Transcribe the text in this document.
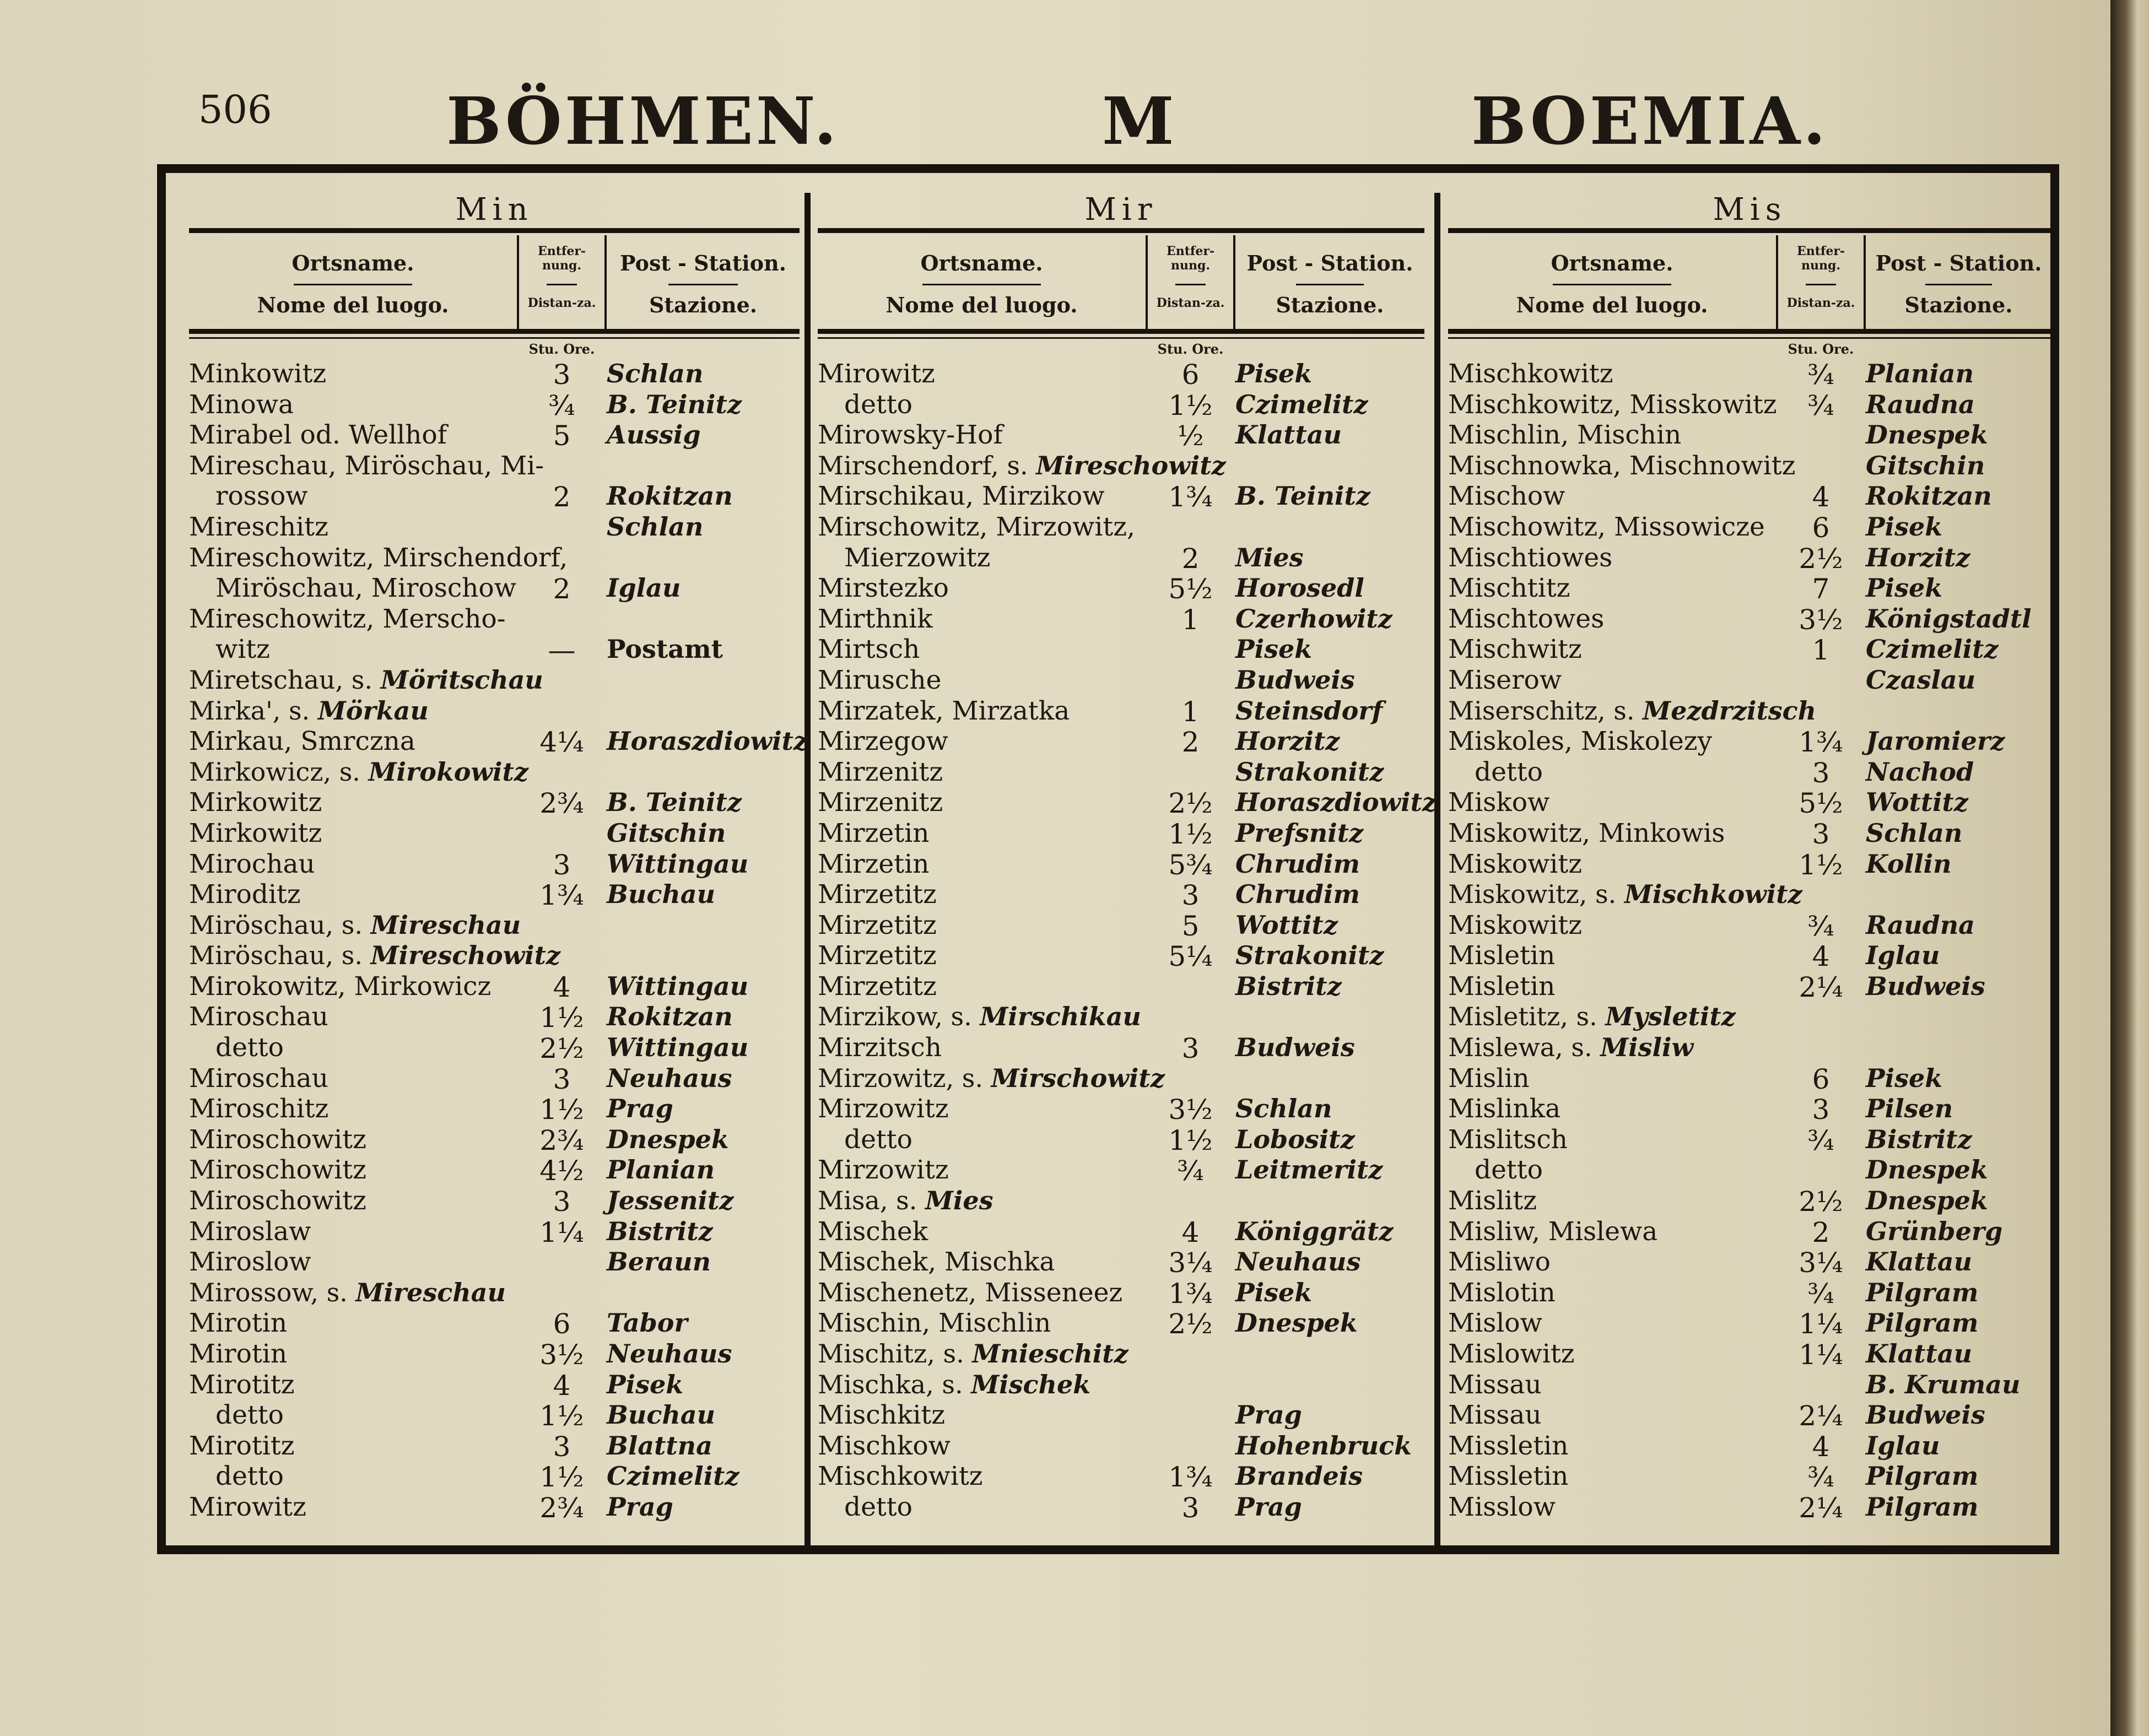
506	BÖHMEN.	M	BOEMIA.
Min
Ortsname.
Nome del luogo.
Entfer-nung.
Distan-za.
Post - Station.
Stazione.
Stu. Ore.
Minkowitz	3	Schlan
Minowa	¾	B. Teinitz
Mirabel od. Wellhof	5	Aussig
Mireschau, Miröschau, Mi-
rossow	2	Rokitzan
Mireschitz	Schlan
Mireschowitz, Mirschendorf,
Miröschau, Miroschow	2	Iglau
Mireschowitz, Merscho-
witz	—	Postamt
Miretschau, s. Möritschau
Mirka', s. Mörkau
Mirkau, Smrczna	4¼ Horaszdiowitz
Mirkowicz, s. Mirokowitz
Mirkowitz	2¾ B. Teinitz
Mirkowitz	Gitschin
Mirochau	3	Wittingau
Miroditz	1¾ Buchau
Miröschau, s. Mireschau
Miröschau, s. Mireschowitz
Mirokowitz, Mirkowicz	4	Wittingau
Miroschau	1½ Rokitzan
detto	2½ Wittingau
Miroschau	3	Neuhaus
Miroschitz	1½ Prag
Miroschowitz	2¾ Dnespek
Miroschowitz	4½ Planian
Miroschowitz	3	Jessenitz
Miroslaw	1¼ Bistritz
Miroslow	Beraun
Mirossow, s. Mireschau
Mirotin	6	Tabor
Mirotin	3½ Neuhaus
Mirotitz	4	Pisek
detto	1½ Buchau
Mirotitz	3	Blattna
detto	1½ Czimelitz
Mirowitz	2¾ Prag
Mir
Ortsname.
Nome del luogo.
Entfer-nung.
Distan-za.
Post - Station.
Stazione.
Stu. Ore.
Mirowitz	6	Pisek
detto	1½ Czimelitz
Mirowsky-Hof	½	Klattau
Mirschendorf, s. Mireschowitz
Mirschikau, Mirzikow	1¾ B. Teinitz
Mirschowitz, Mirzowitz,
Mierzowitz	2	Mies
Mirstezko	5½ Horosedl
Mirthnik	1	Czerhowitz
Mirtsch	Pisek
Mirusche	Budweis
Mirzatek, Mirzatka	1	Steinsdorf
Mirzegow	2	Horzitz
Mirzenitz	Strakonitz
Mirzenitz	2½ Horaszdiowitz
Mirzetin	1½ Prefsnitz
Mirzetin	5¾ Chrudim
Mirzetitz	3	Chrudim
Mirzetitz	5	Wottitz
Mirzetitz	5¼ Strakonitz
Mirzetitz	Bistritz
Mirzikow, s. Mirschikau
Mirzitsch	3	Budweis
Mirzowitz, s. Mirschowitz
Mirzowitz	3½ Schlan
detto	1½ Lobositz
Mirzowitz	¾	Leitmeritz
Misa, s. Mies
Mischek	4	Königgrätz
Mischek, Mischka	3¼ Neuhaus
Mischenetz, Misseneez	1¾ Pisek
Mischin, Mischlin	2½ Dnespek
Mischitz, s. Mnieschitz
Mischka, s. Mischek
Mischkitz	Prag
Mischkow	Hohenbruck
Mischkowitz	1¾ Brandeis
detto	3	Prag
Mis
Ortsname.
Nome del luogo.
Entfer-nung.
Distan-za.
Post - Station.
Stazione.
Stu. Ore.
Mischkowitz	¾	Planian
Mischkowitz, Misskowitz	¾	Raudna
Mischlin, Mischin	Dnespek
Mischnowka, Mischnowitz	Gitschin
Mischow	4	Rokitzan
Mischowitz, Missowicze	6	Pisek
Mischtiowes	2½ Horzitz
Mischtitz	7	Pisek
Mischtowes	3½ Königstadtl
Mischwitz	1	Czimelitz
Miserow	Czaslau
Miserschitz, s. Mezdrzitsch
Miskoles, Miskolezy	1¾ Jaromierz
detto	3	Nachod
Miskow	5½ Wottitz
Miskowitz, Minkowis	3	Schlan
Miskowitz	1½ Kollin
Miskowitz, s. Mischkowitz
Miskowitz	¾	Raudna
Misletin	4	Iglau
Misletin	2¼ Budweis
Misletitz, s. Mysletitz
Mislewa, s. Misliw
Mislin	6	Pisek
Mislinka	3	Pilsen
Mislitsch	¾	Bistritz
detto	Dnespek
Mislitz	2½ Dnespek
Misliw, Mislewa	2	Grünberg
Misliwo	3¼ Klattau
Mislotin	¾	Pilgram
Mislow	1¼ Pilgram
Mislowitz	1¼ Klattau
Missau	B. Krumau
Missau	2¼ Budweis
Missletin	4	Iglau
Missletin	¾	Pilgram
Misslow	2¼ Pilgram
